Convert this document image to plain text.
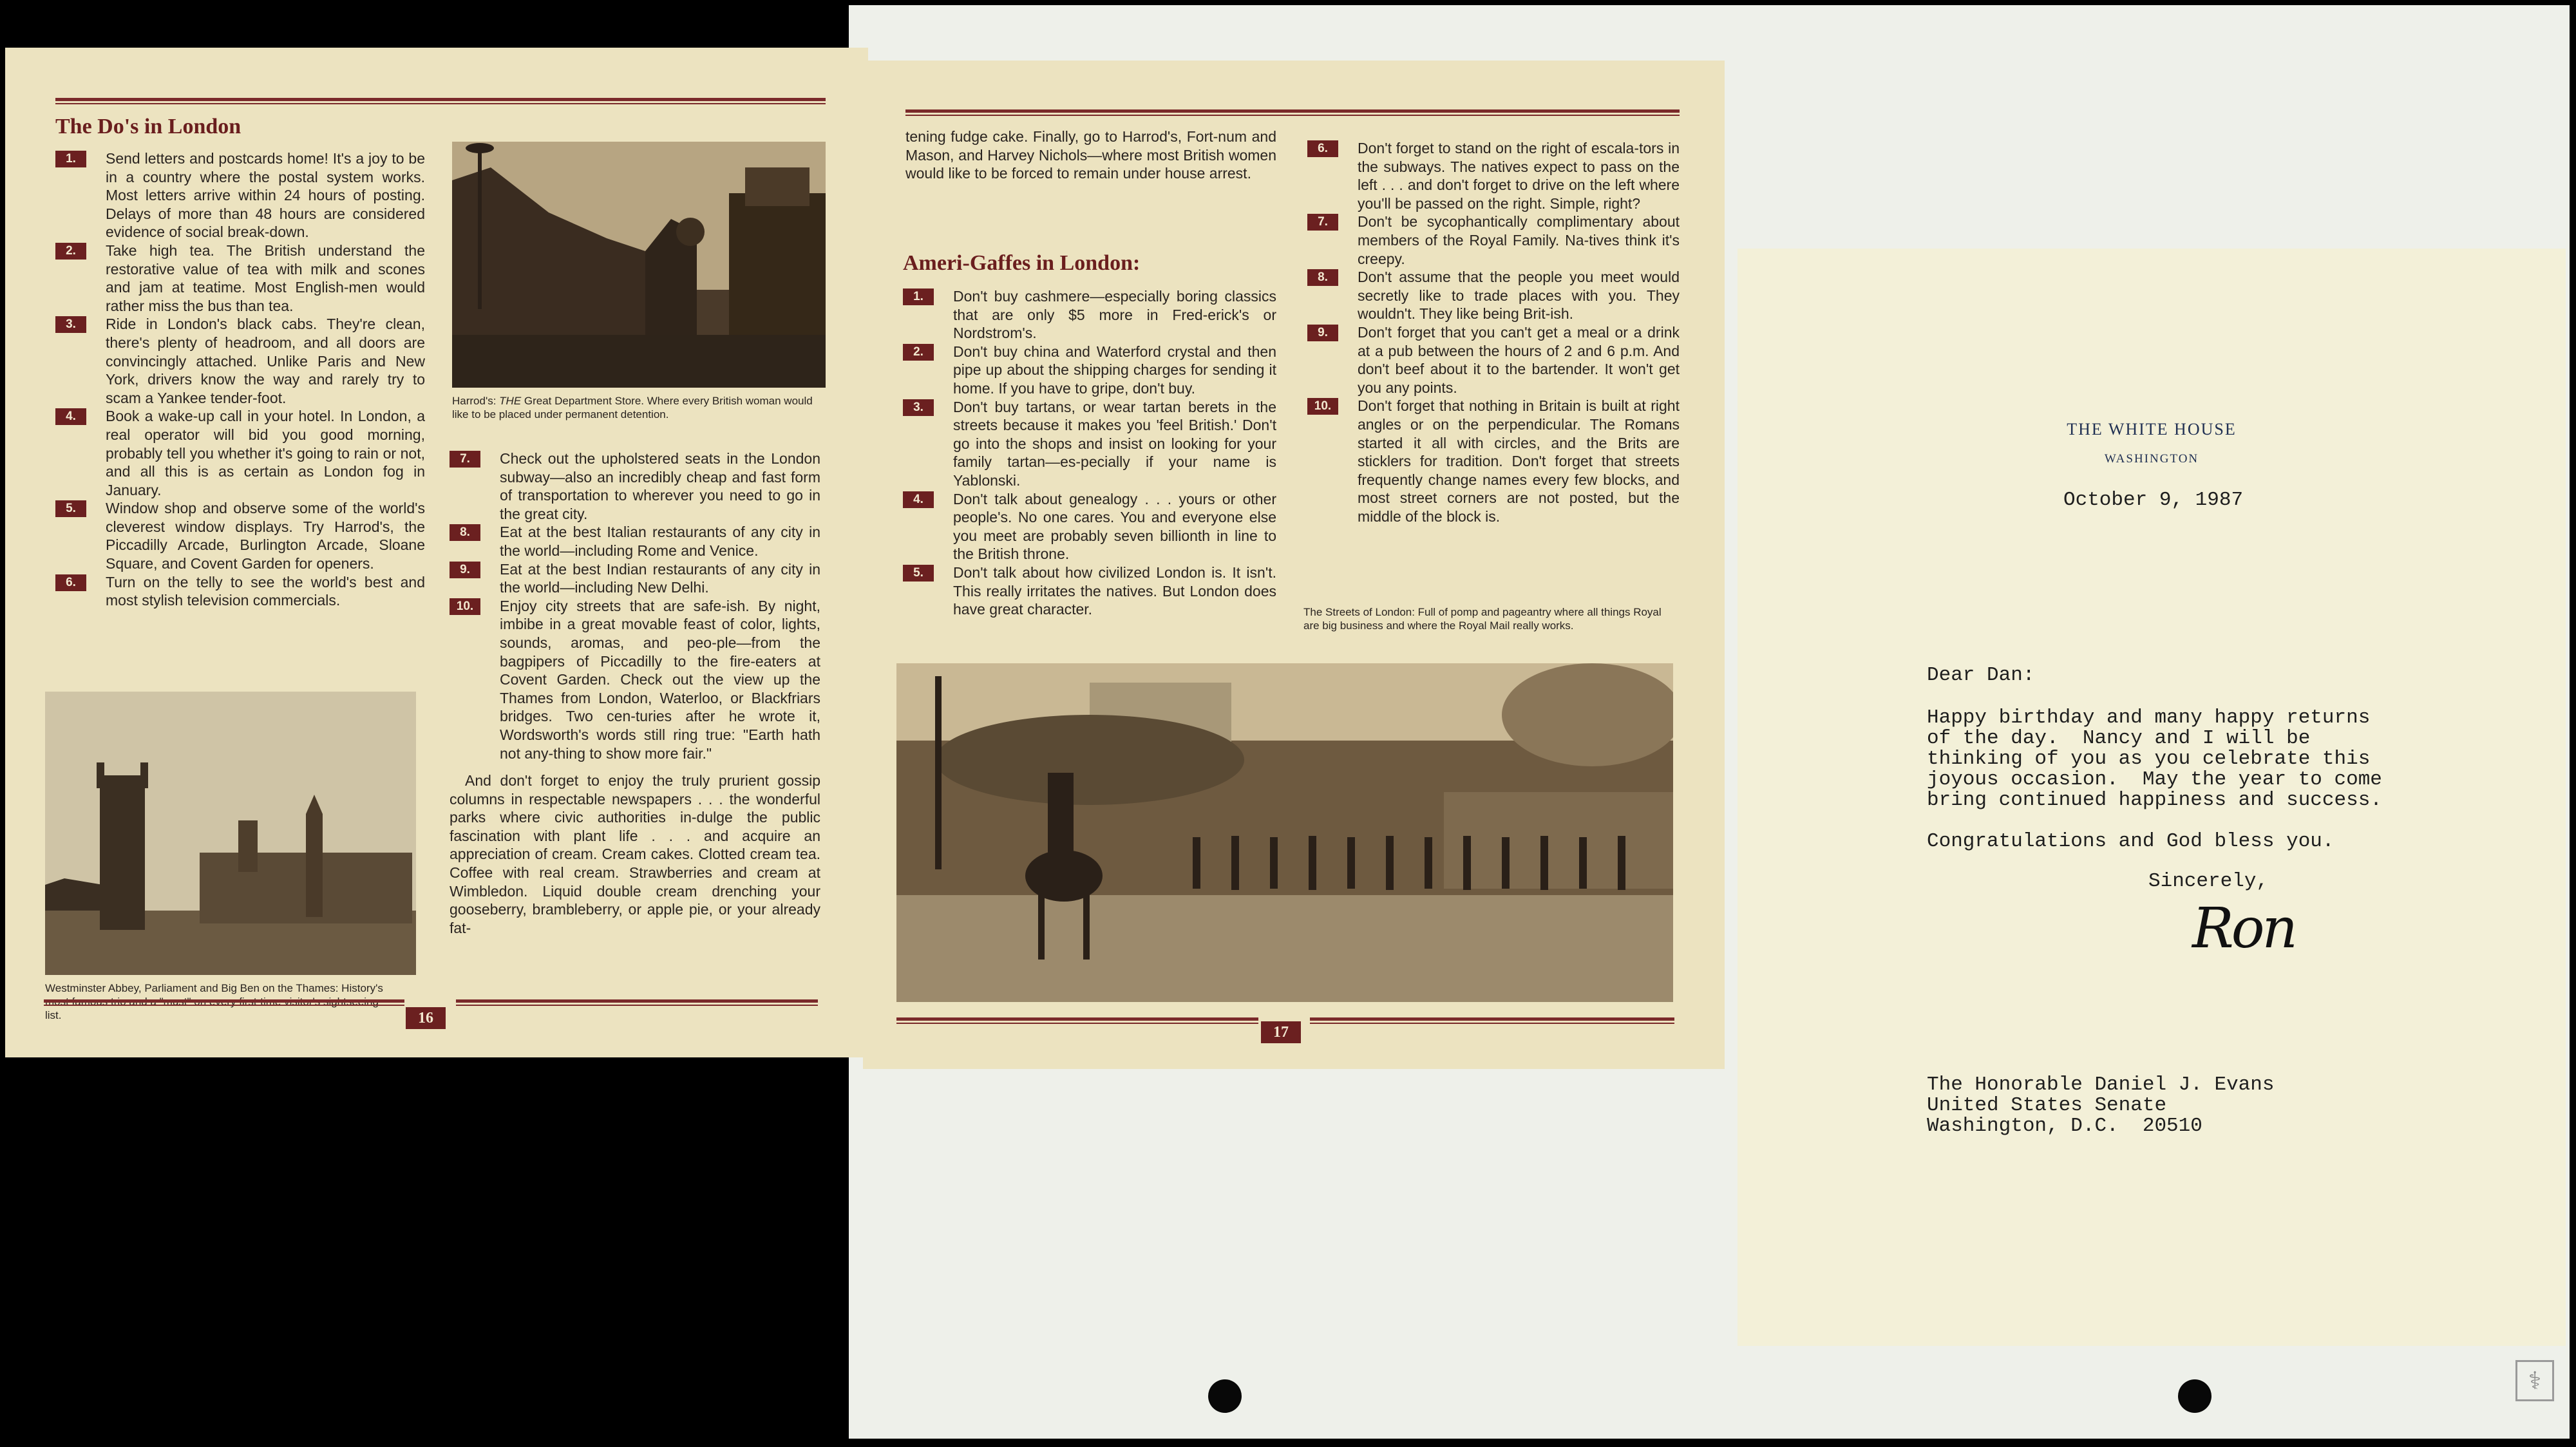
⚕
The Do's in London
1.	Send letters and postcards home! It's a joy to be in a country where the postal system works. Most letters arrive within 24 hours of posting. Delays of more than 48 hours are considered evidence of social break-down.
2.	Take high tea. The British understand the restorative value of tea with milk and scones and jam at teatime. Most English-men would rather miss the bus than tea.
3.	Ride in London's black cabs. They're clean, there's plenty of headroom, and all doors are convincingly attached. Unlike Paris and New York, drivers know the way and rarely try to scam a Yankee tender-foot.
4.	Book a wake-up call in your hotel. In London, a real operator will bid you good morning, probably tell you whether it's going to rain or not, and all this is as certain as London fog in January.
5.	Window shop and observe some of the world's cleverest window displays. Try Harrod's, the Piccadilly Arcade, Burlington Arcade, Sloane Square, and Covent Garden for openers.
6.	Turn on the telly to see the world's best and most stylish television commercials.
Harrod's: THE Great Department Store. Where every British woman would like to be placed under permanent detention.
7.	Check out the upholstered seats in the London subway—also an incredibly cheap and fast form of transportation to wherever you need to go in the great city.
8.	Eat at the best Italian restaurants of any city in the world—including Rome and Venice.
9.	Eat at the best Indian restaurants of any city in the world—including New Delhi.
10.	Enjoy city streets that are safe-ish. By night, imbibe in a great movable feast of color, lights, sounds, aromas, and peo-ple—from the bagpipers of Piccadilly to the fire-eaters at Covent Garden. Check out the view up the Thames from London, Waterloo, or Blackfriars bridges. Two cen-turies after he wrote it, Wordsworth's words still ring true: "Earth hath not any-thing to show more fair."
And don't forget to enjoy the truly prurient gossip columns in respectable newspapers . . . the wonderful parks where civic authorities in-dulge the public fascination with plant life . . . and acquire an appreciation of cream. Cream cakes. Clotted cream tea. Coffee with real cream. Strawberries and cream at Wimbledon. Liquid double cream drenching your gooseberry, brambleberry, or apple pie, or your already fat-
Westminster Abbey, Parliament and Big Ben on the Thames: History's most famous trio and a "must" on every first-time visitor's sightseeing list.	16
tening fudge cake. Finally, go to Harrod's, Fort-num and Mason, and Harvey Nichols—where most British women would like to be forced to remain under house arrest.
Ameri-Gaffes in London:
1.	Don't buy cashmere—especially boring classics that are only $5 more in Fred-erick's or Nordstrom's.
2.	Don't buy china and Waterford crystal and then pipe up about the shipping charges for sending it home. If you have to gripe, don't buy.
3.	Don't buy tartans, or wear tartan berets in the streets because it makes you 'feel British.' Don't go into the shops and insist on looking for your family tartan—es-pecially if your name is Yablonski.
4.	Don't talk about genealogy . . . yours or other people's. No one cares. You and everyone else you meet are probably seven billionth in line to the British throne.
5.	Don't talk about how civilized London is. It isn't. This really irritates the natives. But London does have great character.
6.	Don't forget to stand on the right of escala-tors in the subways. The natives expect to pass on the left . . . and don't forget to drive on the left where you'll be passed on the right. Simple, right?
7.	Don't be sycophantically complimentary about members of the Royal Family. Na-tives think it's creepy.
8.	Don't assume that the people you meet would secretly like to trade places with you. They wouldn't. They like being Brit-ish.
9.	Don't forget that you can't get a meal or a drink at a pub between the hours of 2 and 6 p.m. And don't beef about it to the bartender. It won't get you any points.
10.	Don't forget that nothing in Britain is built at right angles or on the perpendicular. The Romans started it all with circles, and the Brits are sticklers for tradition. Don't forget that streets frequently change names every few blocks, and most street corners are not posted, but the middle of the block is.
The Streets of London: Full of pomp and pageantry where all things Royal are big business and where the Royal Mail really works.
17
THE WHITE HOUSE
WASHINGTON
October 9, 1987
Dear Dan:
Happy birthday and many happy returns
of the day.  Nancy and I will be
thinking of you as you celebrate this
joyous occasion.  May the year to come
bring continued happiness and success.
Congratulations and God bless you.
Sincerely,
Ron
The Honorable Daniel J. Evans
United States Senate
Washington, D.C.  20510
